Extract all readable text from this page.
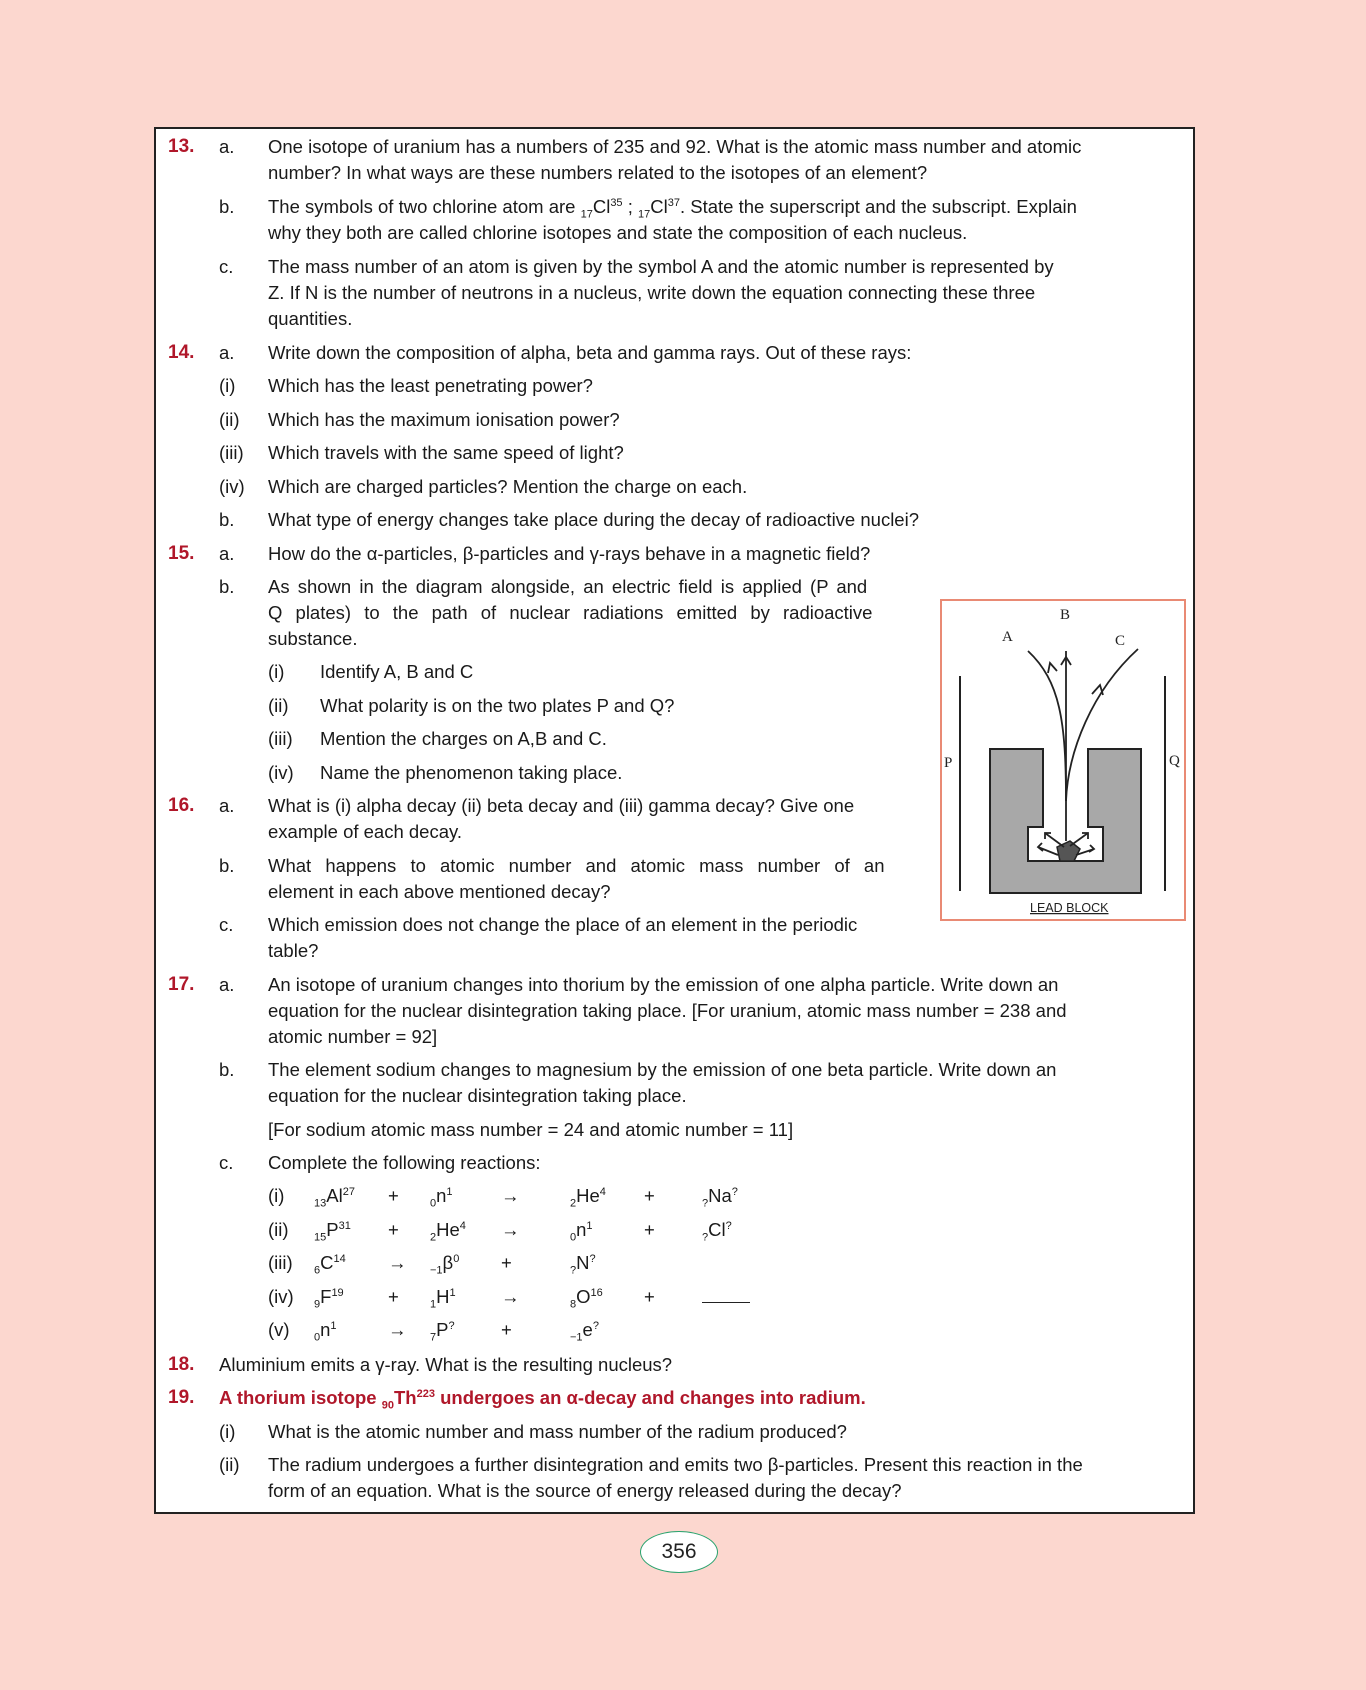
13. a. One isotope of uranium has a numbers of 235 and 92. What is the atomic mass number and atomic
number? In what ways are these numbers related to the isotopes of an element?
b. The symbols of two chlorine atom are $_{17}Cl^{35}$ ; $_{17}Cl^{37}$. State the superscript and the subscript. Explain
why they both are called chlorine isotopes and state the composition of each nucleus.
c. The mass number of an atom is given by the symbol A and the atomic number is represented by
Z. If N is the number of neutrons in a nucleus, write down the equation connecting these three
quantities.
14. a. Write down the composition of alpha, beta and gamma rays. Out of these rays:
(i) Which has the least penetrating power?
(ii) Which has the maximum ionisation power?
(iii) Which travels with the same speed of light?
(iv) Which are charged particles? Mention the charge on each.
b. What type of energy changes take place during the decay of radioactive nuclei?
15. a. How do the α-particles, β-particles and γ-rays behave in a magnetic field?
b. As shown in the diagram alongside, an electric field is applied (P and
Q plates) to the path of nuclear radiations emitted by radioactive
substance.
(i) Identify A, B and C
(ii) What polarity is on the two plates P and Q?
(iii) Mention the charges on A,B and C.
(iv) Name the phenomenon taking place.
16. a. What is (i) alpha decay (ii) beta decay and (iii) gamma decay? Give one
example of each decay.
b. What happens to atomic number and atomic mass number of an
element in each above mentioned decay?
c. Which emission does not change the place of an element in the periodic
table?
17. a. An isotope of uranium changes into thorium by the emission of one alpha particle. Write down an
equation for the nuclear disintegration taking place. [For uranium, atomic mass number = 238 and
atomic number = 92]
b. The element sodium changes to magnesium by the emission of one beta particle. Write down an
equation for the nuclear disintegration taking place.
[For sodium atomic mass number = 24 and atomic number = 11]
c. Complete the following reactions:
(i)	$_{13}Al^{27}$ +	$_0n^1$	→	$_2He^4$ +	$_?$Na?
(ii) $_{15}P^{31}$ +	$_2He^4$ →	$_0n^1$	+	$_?$Cl?
(iii) $_6C^{14} \to _{-1}\beta^0$ +	$_?$N?
(iv) $_9F^{19}$ +	$_1H^1$ →	$_8O^{16}$ +
(v) $_0n^1$	→ $_7$P?	+	$_{-1}$e?
18. Aluminium emits a γ-ray. What is the resulting nucleus?
19. A thorium isotope $_{90}Th^{223}$ undergoes an α-decay and changes into radium.
(i) What is the atomic number and mass number of the radium produced?
(ii) The radium undergoes a further disintegration and emits two β-particles. Present this reaction in the
form of an equation. What is the source of energy released during the decay?
B
A	C
P	Q
LEAD BLOCK
356
